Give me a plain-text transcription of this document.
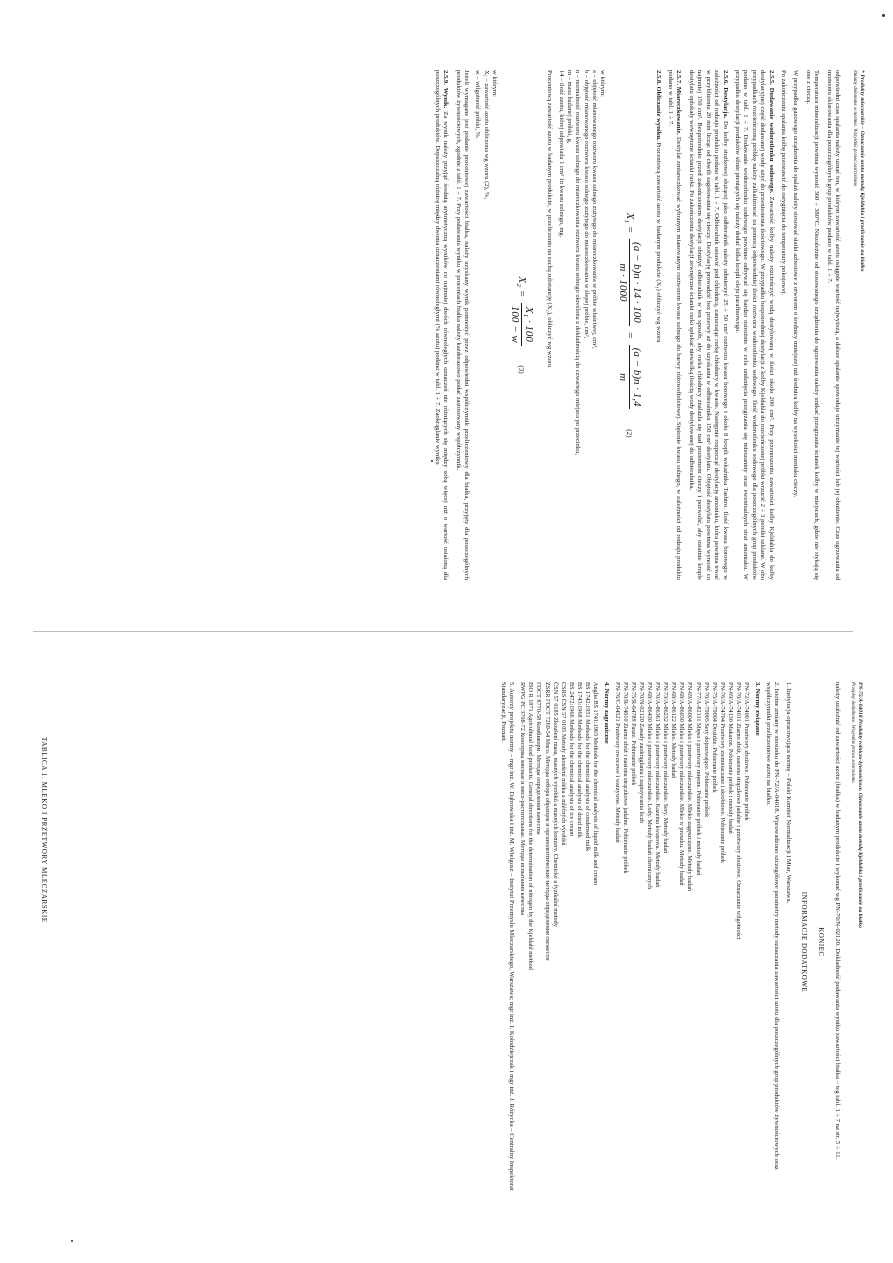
* Produkty mleczarskie – Oznaczanie azotu metodą Kjeldahla i przeliczanie na białko
Zmiany dokonane w normie. Wszystkie prawa zastrzeżone.

odpowiedni czas spalania należy uznać ten, w którym zawartość azotu osiągnie wartość najwyższą, a dalsze spalanie spowoduje utrzymanie tej wartości lub jej obniżenie. Czas ogrzewania od momentu sklarowania dla poszczególnych grup produktów podano w tabl. 1 ÷ 7.

Temperatura mineralizacji powinna wynosić 360 ÷ 380°C. Niezależnie od stosowanego urządzenia do ogrzewania należy unikać przegrzania ścianek kolby w miejscach, gdzie nie stykają się one z cieczą.

W przypadku gazowego urządzenia do spalań należy stosować siatki azbestowe z otworem o średnicy mniejszej niż średnica kolby na wysokości menisku cieczy.

Po zakończeniu spalania kolbę pozostawić do ostygnięcia do temperatury pokojowej.

2.5.5. Dodawanie wodorotlenku sodowego. Zawartość kolby należy rozcieńczyć wodą destylowaną w ilości około 200 cm³. Przy przenoszeniu zawartości kolby Kjeldahla do kolby destylacyjnej część dodawanej wody użyć do przeniesienia ilościowego. W przypadku bezpośredniej destylacji z kolby Kjeldahla do rozcieńczonej próbki wrzucić 2 ÷ 3 perełki szklane. W obu przypadkach rozcieńczoną próbkę należy zalkalizować za pomocą odpowiedniej ilości roztworu wodorotlenku sodowego. Ilość wodorotlenku sodowego dla poszczególnych grup produktów podano w tabl. 1 ÷ 7. Dodawanie wodorotlenku sodowego powinno odbywać się bardzo ostrożnie w celu uniknięcia przegrzania się mieszaniny oraz ewentualnych strat amoniaku. W przypadku destylacji produktów silnie pieniących się należy dodać kilka kropli oleju parafinowego.

2.5.6. Destylacja. Do kolby stożkowej służącej jako odbieralnik należy odmierzyć 25 ÷ 50 cm³ roztworu kwasu borowego i około 8 kropli wskaźnika Tashiro. Ilość kwasu borowego w zależności od rodzaju produktu podano w tabl. 1 ÷ 7. Odbieralnik ustawić pod chłodnicą, zanurzając rurkę chłodnicy w kwasie. Następnie rozpocząć destylację amoniaku, która powinna trwać w przybliżeniu 20 min licząc od chwili zagotowania się cieczy. Destylację prowadzić bez przerwy aż do uzyskania w odbieralniku 150 cm³ destylatu. Objętość destylatu powinna wynosić co najmniej 150 cm³. Bezpośrednio przed zakończeniem destylacji obniżyć odbieralnik w ten sposób, aby rurka chłodnicy znalazła się nad poziomem cieczy i pozwolić, aby ostatnie krople destylatu opłukały wewnętrzne ścianki rurki. Po zakończeniu destylacji zewnętrzne ścianki rurki spłukać niewielką ilością wody destylowanej do odbieralnika.

2.5.7. Miareczkowanie. Destylat zmiareczkować wybranym mianowanym roztworem kwasu solnego do barwy różowofioletowej. Stężenie kwasu solnego, w zależności od rodzaju produktu podano w tabl. 1 ÷ 7.

2.5.8. Obliczanie wyniku. Procentową zawartość azotu w badanym produkcie (X₁) obliczyć wg wzoru

X₁ =
(a − b)n · 14 · 100
m · 1000
=
(a − b)n · 1,4
m
(2)
w którym:
a – objętość mianowanego roztworu kwasu solnego zużytego do miareczkowania w próbie właściwej, cm³,
b – objętość mianowanego roztworu kwasu solnego zużytego do miareczkowania w ślepej próbie, cm³,
n – normalność roztworu kwasu solnego do miareczkowania roztworu kwasu solnego określona z dokładnością do czwartego miejsca po przecinku,
m – masa badanej próbki, g,
14 – ilość azotu, której odpowiada 1 cm³ 1n kwasu solnego, mg.

Procentową zawartość azotu w badanym produkcie, w przeliczeniu na suchą substancję (X₂), obliczyć wg wzoru

X₂ =
X₁ · 100
100 − w
(3)
w którym:
X₁ – zawartość azotu obliczona wg wzoru (2), %,
w – wilgotność próbki, %.

Jeżeli wymagane jest podanie procentowej zawartości białka, należy uzyskany wynik pomnożyć przez odpowiedni współczynnik przeliczeniowy dla białka, przyjęty dla poszczególnych produktów żywnościowych, zgodnie z tabl. 1 ÷ 7. Przy podawaniu wyniku w procentach białka należy każdorazowo podać zastosowany współczynnik.

2.5.9. Wynik. Za wynik należy przyjąć średnią arytmetyczną wyników co najmniej dwóch równoległych oznaczeń nie różniących się między sobą więcej niż o wartość ustaloną dla poszczególnych produktów. Dopuszczalną różnicę między dwoma oznaczeniami równoległymi (% azotu) podano w tabl. 1 ÷ 7. Zaokrąglanie wyniku

PN-75/A-04018 Produkty rolniczo-żywnościowe. Oznaczanie azotu metodą Kjeldahla i przeliczanie na białko
Przepisy dodatkowe. Wszystkie prawa zastrzeżone.

należy uzależnić od zawartości azotu (białka) w badanym produkcie i wykonać wg PN-70/N-02120. Dokładność podawania wyniku zawartości białka – wg tabl. 1 ÷ 7 na str. 5 ÷ 11.

KONIEC
INFORMACJE DODATKOWE
1. Instytucja opracowująca normę – Polski Komitet Normalizacji i Miar, Warszawa.
2. Istotne zmiany w stosunku do PN-72/A-04018. Wprowadzono szczegółowe parametry metody oznaczania zawartości azotu dla poszczególnych grup produktów żywnościowych oraz współczynniki przeliczeniowe azotu na białko.
3. Normy związane
PN-72/A-74001 Przetwory zbożowe. Pobieranie próbek
PN-70/A-74011 Ziarno zbóż, nasiona strączkowe jadalne i przetwory zbożowe. Oznaczanie wilgotności
PN-69/A-74130 Makaron. Pobieranie próbek i metody badań
PN-76/A-74704 Przetwory ziemniaczane i skrobiowe. Pobieranie próbek
PN-75/A-79004 Drożdże. Pobieranie próbek
PN-70/A-79005 Sery dojrzewające. Pobieranie próbek
PN-77/A-82111 Mięso i przetwory mięsne. Pobieranie próbek i metody badań
PN-69/A-86004 Mleko i przetwory mleczarskie. Mleko zagęszczone. Metody badań
PN-68/A-86030 Mleko i przetwory mleczarskie. Mleko w proszku. Metody badań
PN-68/A-86122 Mleko. Metody badań
PN-73/A-86232 Mleko i przetwory mleczarskie. Sery. Metody badań
PN-70/A-86361 Mleko i przetwory mleczarskie. Kazeina kwasowa. Metody badań
PN-68/A-86430 Mleko i przetwory mleczarskie. Lody. Metody badań chemicznych
PN-70/N-02120 Zasady zaokrąglania i zapisywania liczb
PN-75/R-64789 Pasze. Pobieranie próbek
PN-70/R-74010 Ziarno zbóż i nasiona strączkowe jadalne. Pobieranie próbek
PN-76/C-04521 Przetwory owocowe i warzywne. Metody badań
4. Normy zagraniczne
Anglia BS 1741:1963 Methods for the chemical analysis of liquid milk and cream
BS 1742:1951 Methods for the chemical analysis of condensed milk
BS 1743:1968 Methods for the chemical analysis of dried milk
BS 2472:1966 Methods for the chemical analysis of ice cream
CSRS ČSN 57 0105 Metody zkoušení mléka a mléčných výrobků
ČSN 57 0185 Zkoušení masa, masných výrobků a masných konzerv. Chemické a fyzikální metody
ZSRR ГОСТ 7269-54 Мясо. Методы отбора образцов и органолептические методы определения свежести
ГОСТ 8770-58 Комбикорм. Методы определения качества
ISO R 1871 Agricultural food products. General directions for the determination of nitrogen by the Kjeldahl method
RWPG PC 3708-72 Консервы мясные и мясо-растительные. Методы испытания качества
5. Autorzy projektu normy – mgr inż. W. Dąbrowska i inż. M. Wielgosz – Instytut Przemysłu Mleczarskiego, Warszawa; mgr inż. I. Kołodziejczak i mgr inż. J. Różycka – Centralny Inspektorat Standaryzacji, Poznań.
TABLICA 1. MLEKO I PRZETWORY MLECZARSKIE
